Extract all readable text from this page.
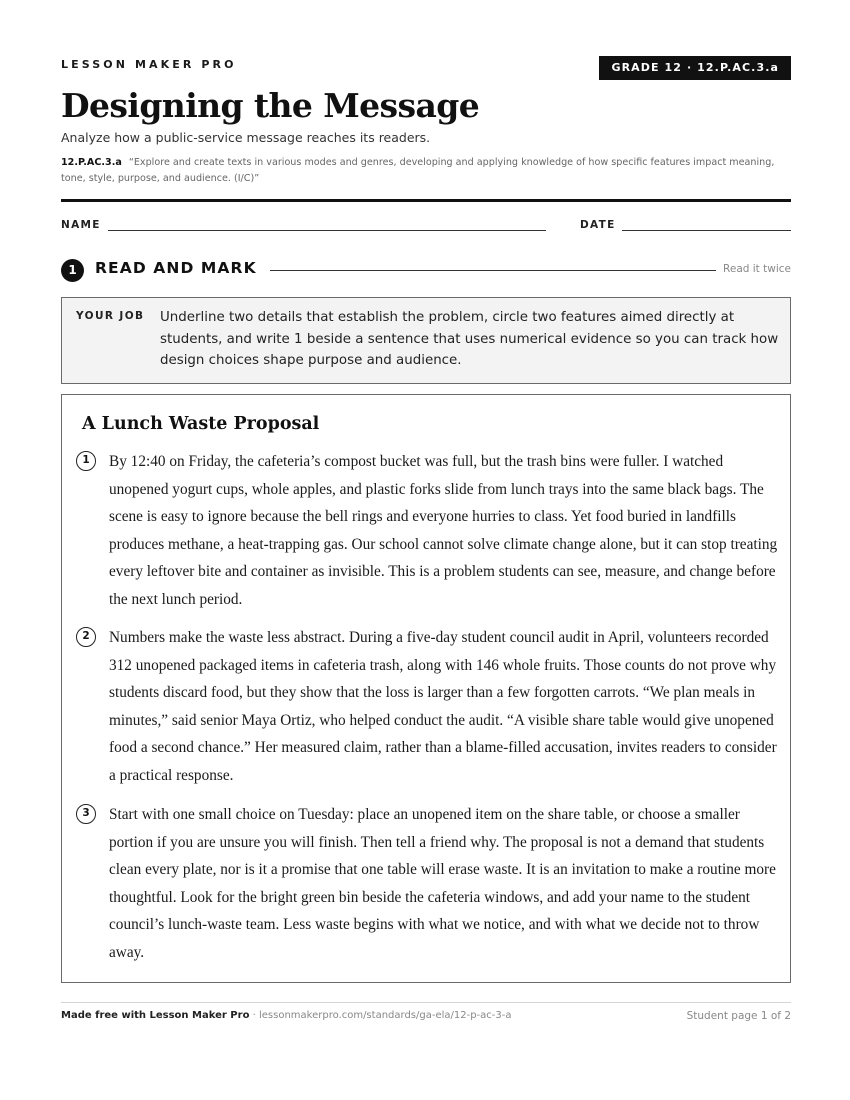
LESSON MAKER PRO	GRADE 12 · 12.P.AC.3.a
Designing the Message
Analyze how a public-service message reaches its readers.
12.P.AC.3.a “Explore and create texts in various modes and genres, developing and applying knowledge of how specific features impact meaning, tone, style, purpose, and audience. (I/C)”
NAME	DATE
1	READ AND MARK	Read it twice
YOUR JOB Underline two details that establish the problem, circle two features aimed directly at students, and write 1 beside a sentence that uses numerical evidence so you can track how design choices shape purpose and audience.
A Lunch Waste Proposal
1	By 12:40 on Friday, the cafeteria’s compost bucket was full, but the trash bins were fuller. I watched unopened yogurt cups, whole apples, and plastic forks slide from lunch trays into the same black bags. The scene is easy to ignore because the bell rings and everyone hurries to class. Yet food buried in landfills produces methane, a heat-trapping gas. Our school cannot solve climate change alone, but it can stop treating every leftover bite and container as invisible. This is a problem students can see, measure, and change before the next lunch period.

2	Numbers make the waste less abstract. During a five-day student council audit in April, volunteers recorded 312 unopened packaged items in cafeteria trash, along with 146 whole fruits. Those counts do not prove why students discard food, but they show that the loss is larger than a few forgotten carrots. “We plan meals in minutes,” said senior Maya Ortiz, who helped conduct the audit. “A visible share table would give unopened food a second chance.” Her measured claim, rather than a blame-filled accusation, invites readers to consider a practical response.

3	Start with one small choice on Tuesday: place an unopened item on the share table, or choose a smaller portion if you are unsure you will finish. Then tell a friend why. The proposal is not a demand that students clean every plate, nor is it a promise that one table will erase waste. It is an invitation to make a routine more thoughtful. Look for the bright green bin beside the cafeteria windows, and add your name to the student council’s lunch-waste team. Less waste begins with what we notice, and with what we decide not to throw away.

Made free with Lesson Maker Pro · lessonmakerpro.com/standards/ga-ela/12-p-ac-3-a	Student page 1 of 2
